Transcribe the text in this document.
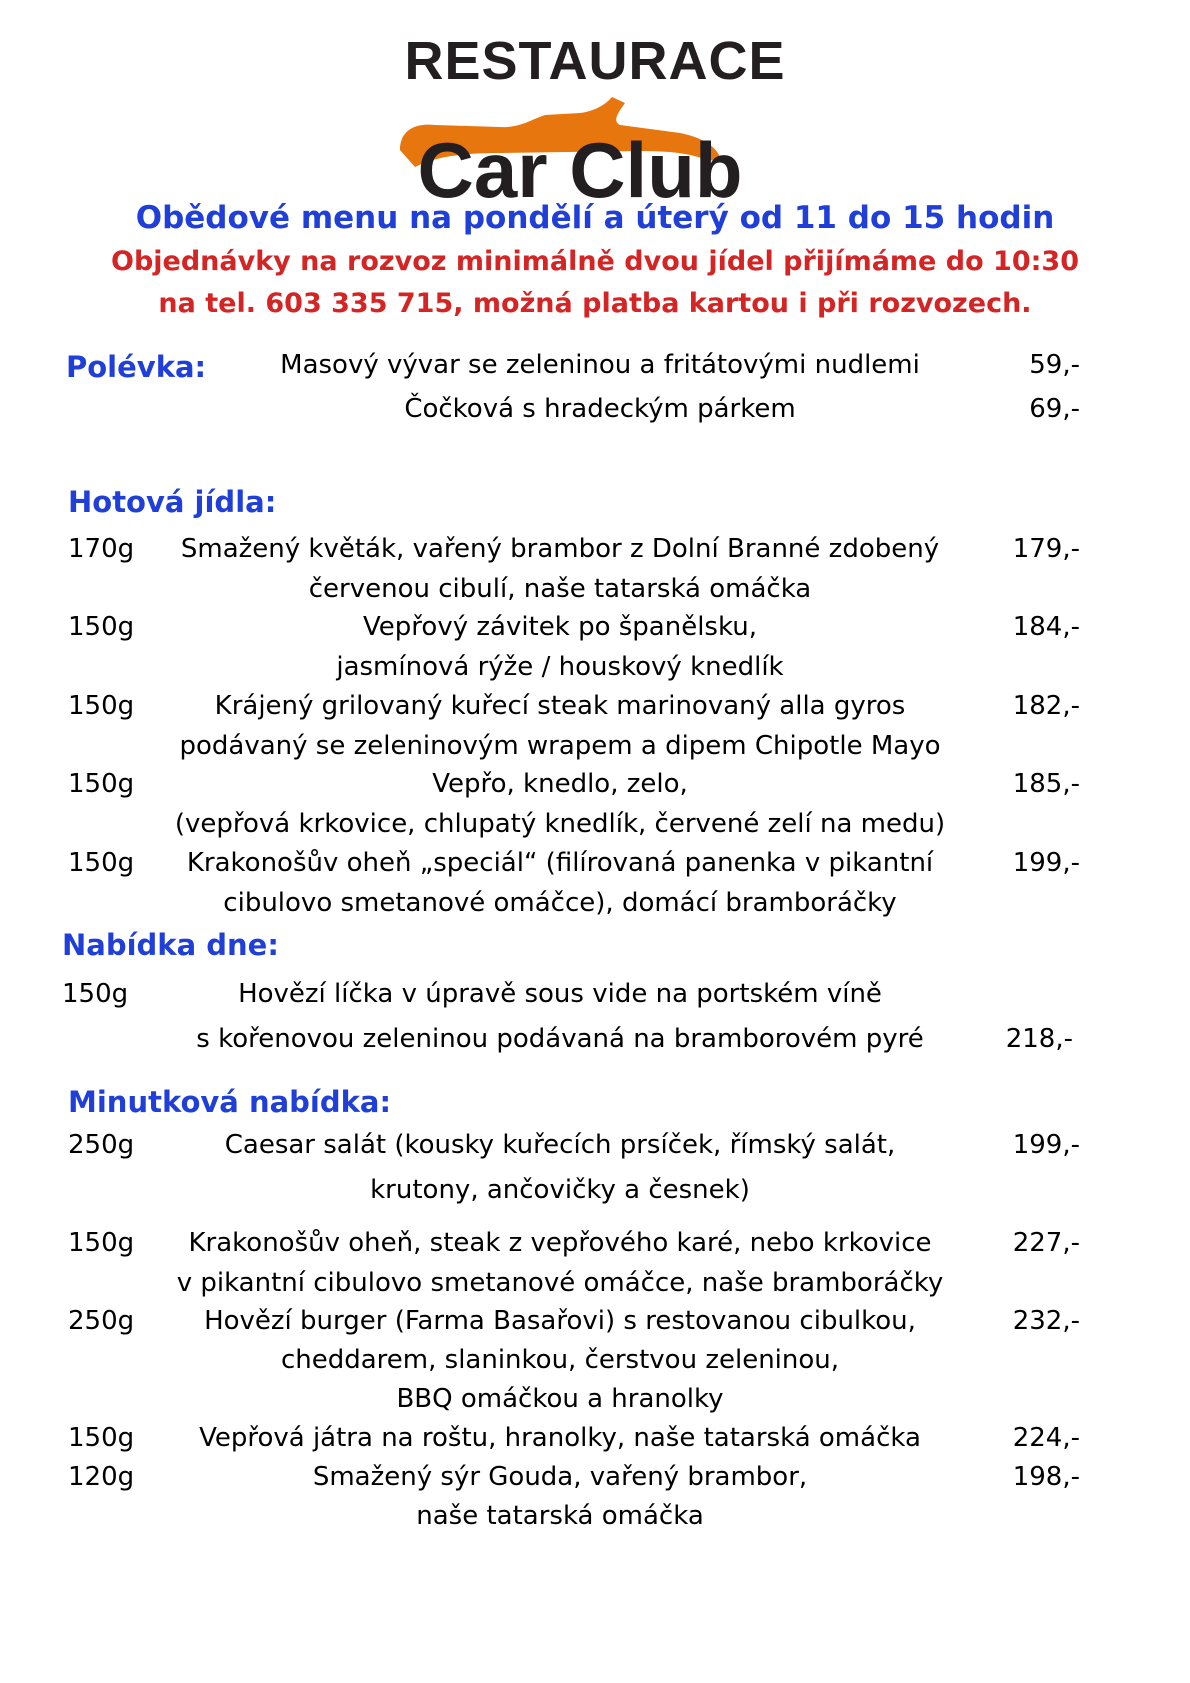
RESTAURACE
Car Club
Obědové menu na pondělí a úterý od 11 do 15 hodin
Objednávky na rozvoz minimálně dvou jídel přijímáme do 10:30
na tel. 603 335 715, možná platba kartou i při rozvozech.
Polévka:	Masový vývar se zeleninou a fritátovými nudlemi	59,-
Čočková s hradeckým párkem	69,-
Hotová jídla:
170g	Smažený květák, vařený brambor z Dolní Branné zdobený	179,-
červenou cibulí, naše tatarská omáčka
150g	Vepřový závitek po španělsku,	184,-
jasmínová rýže / houskový knedlík
150g	Krájený grilovaný kuřecí steak marinovaný alla gyros	182,-
podávaný se zeleninovým wrapem a dipem Chipotle Mayo
150g	Vepřo, knedlo, zelo,	185,-
(vepřová krkovice, chlupatý knedlík, červené zelí na medu)
150g	Krakonošův oheň „speciál“ (filírovaná panenka v pikantní	199,-
cibulovo smetanové omáčce), domácí bramboráčky
Nabídka dne:
150g	Hovězí líčka v úpravě sous vide na portském víně
s kořenovou zeleninou podávaná na bramborovém pyré	218,-
Minutková nabídka:
250g	Caesar salát (kousky kuřecích prsíček, římský salát,	199,-
krutony, ančovičky a česnek)
150g	Krakonošův oheň, steak z vepřového karé, nebo krkovice	227,-
v pikantní cibulovo smetanové omáčce, naše bramboráčky
250g	Hovězí burger (Farma Basařovi) s restovanou cibulkou,	232,-
cheddarem, slaninkou, čerstvou zeleninou,
BBQ omáčkou a hranolky
150g	Vepřová játra na roštu, hranolky, naše tatarská omáčka	224,-
120g	Smažený sýr Gouda, vařený brambor,	198,-
naše tatarská omáčka
